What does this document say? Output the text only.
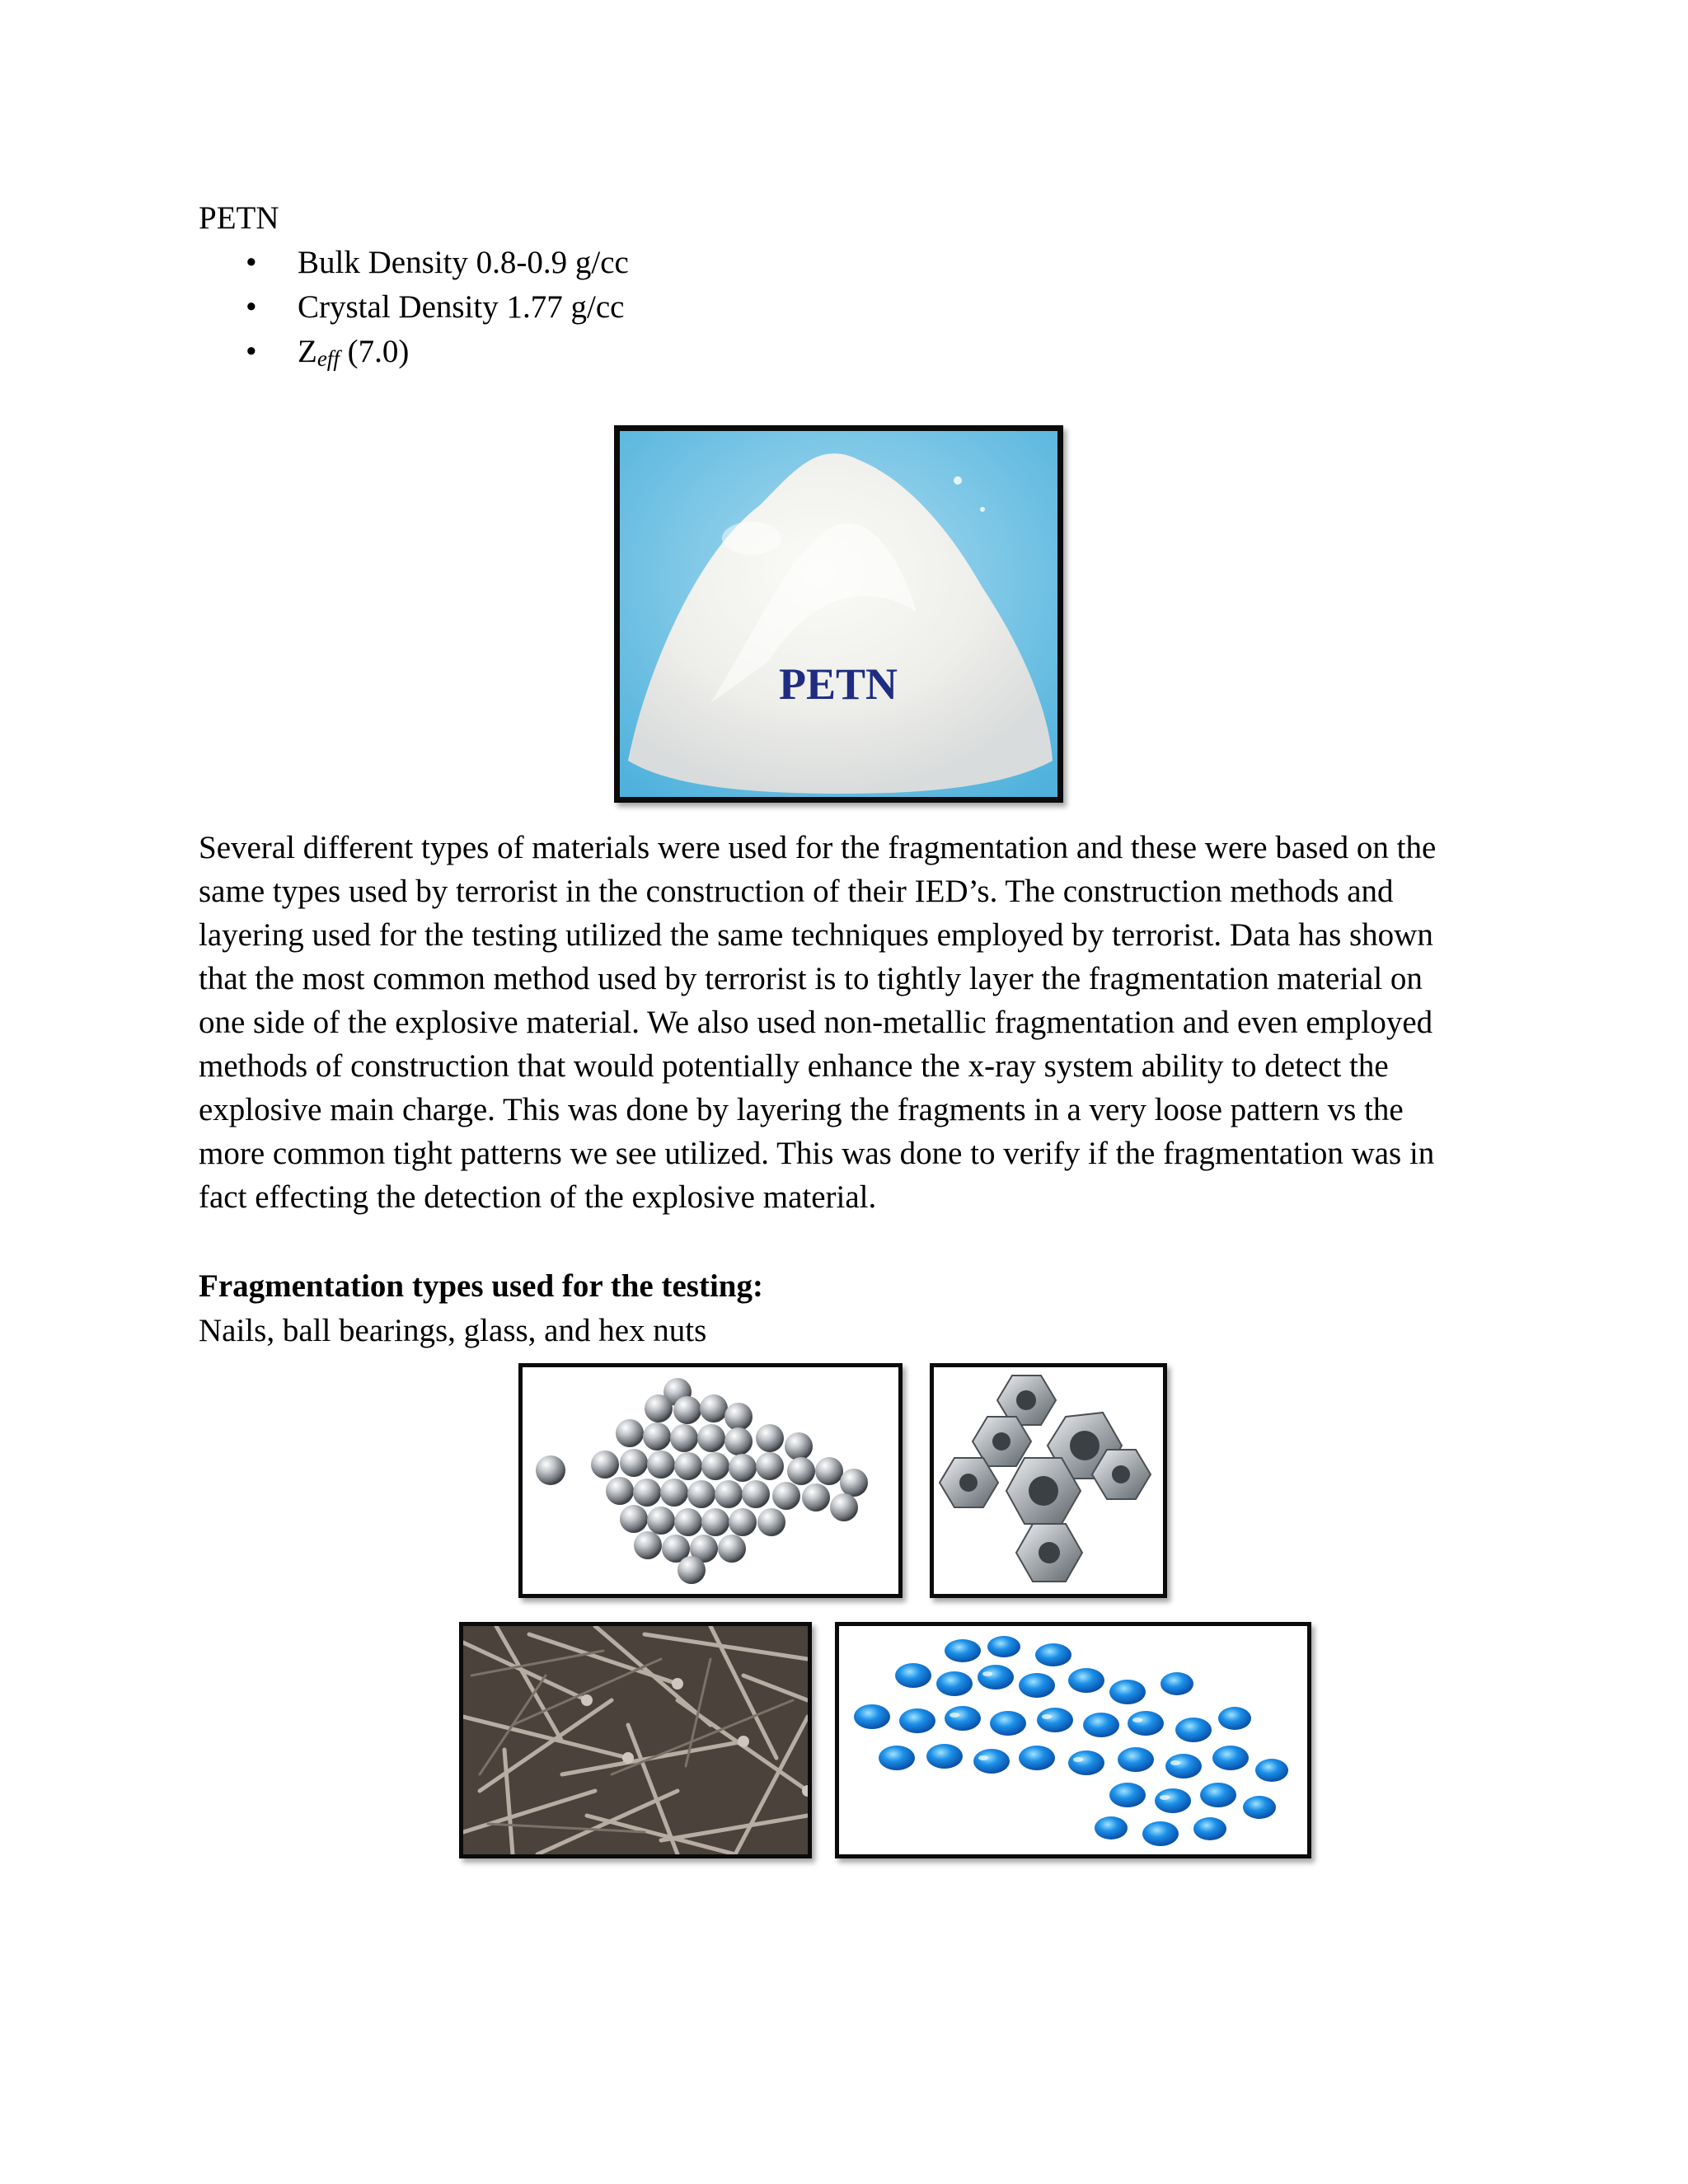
PETN
• Bulk Density 0.8-0.9 g/cc
• Crystal Density 1.77 g/cc
• $Z_{eff}$ (7.0)
PETN

Several different types of materials were used for the fragmentation and these were based on the
same types used by terrorist in the construction of their IED’s. The construction methods and
layering used for the testing utilized the same techniques employed by terrorist. Data has shown
that the most common method used by terrorist is to tightly layer the fragmentation material on
one side of the explosive material. We also used non-metallic fragmentation and even employed
methods of construction that would potentially enhance the x-ray system ability to detect the
explosive main charge. This was done by layering the fragments in a very loose pattern vs the
more common tight patterns we see utilized. This was done to verify if the fragmentation was in
fact effecting the detection of the explosive material.

Fragmentation types used for the testing:

Nails, ball bearings, glass, and hex nuts
